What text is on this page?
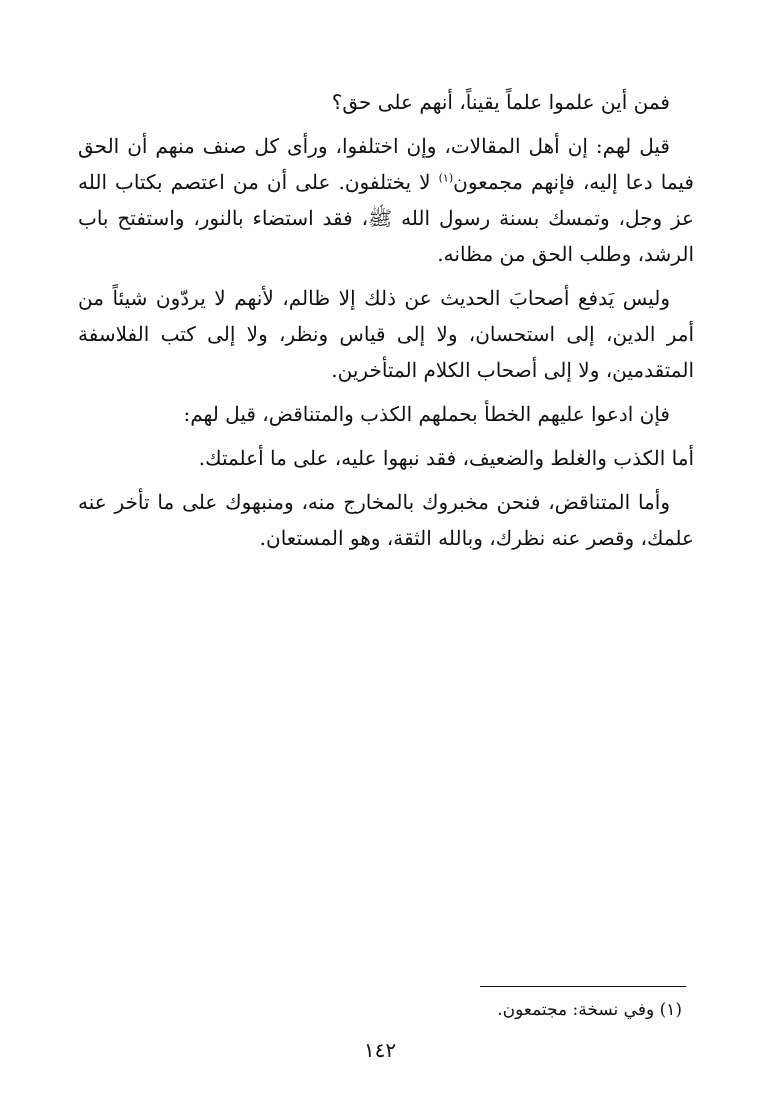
فمن أين علموا علماً يقيناً، أنهم على حق؟

قيل لهم: إن أهل المقالات، وإن اختلفوا، ورأى كل صنف منهم أن الحق فيما دعا إليه، فإنهم مجمعون$^{(١)}$ لا يختلفون. على أن من اعتصم بكتاب الله عز وجل، وتمسك بسنة رسول الله ﷺ، فقد استضاء بالنور، واستفتح باب الرشد، وطلب الحق من مظانه.

وليس يَدفع أصحابَ الحديث عن ذلك إلا ظالم، لأنهم لا يردّون شيئاً من أمر الدين، إلى استحسان، ولا إلى قياس ونظر، ولا إلى كتب الفلاسفة المتقدمين، ولا إلى أصحاب الكلام المتأخرين.

فإن ادعوا عليهم الخطأ بحملهم الكذب والمتناقض، قيل لهم:

أما الكذب والغلط والضعيف، فقد نبهوا عليه، على ما أعلمتك.

وأما المتناقض، فنحن مخبروك بالمخارج منه، ومنبهوك على ما تأخر عنه علمك، وقصر عنه نظرك، وبالله الثقة، وهو المستعان.

(١) وفي نسخة: مجتمعون.
١٤٢
